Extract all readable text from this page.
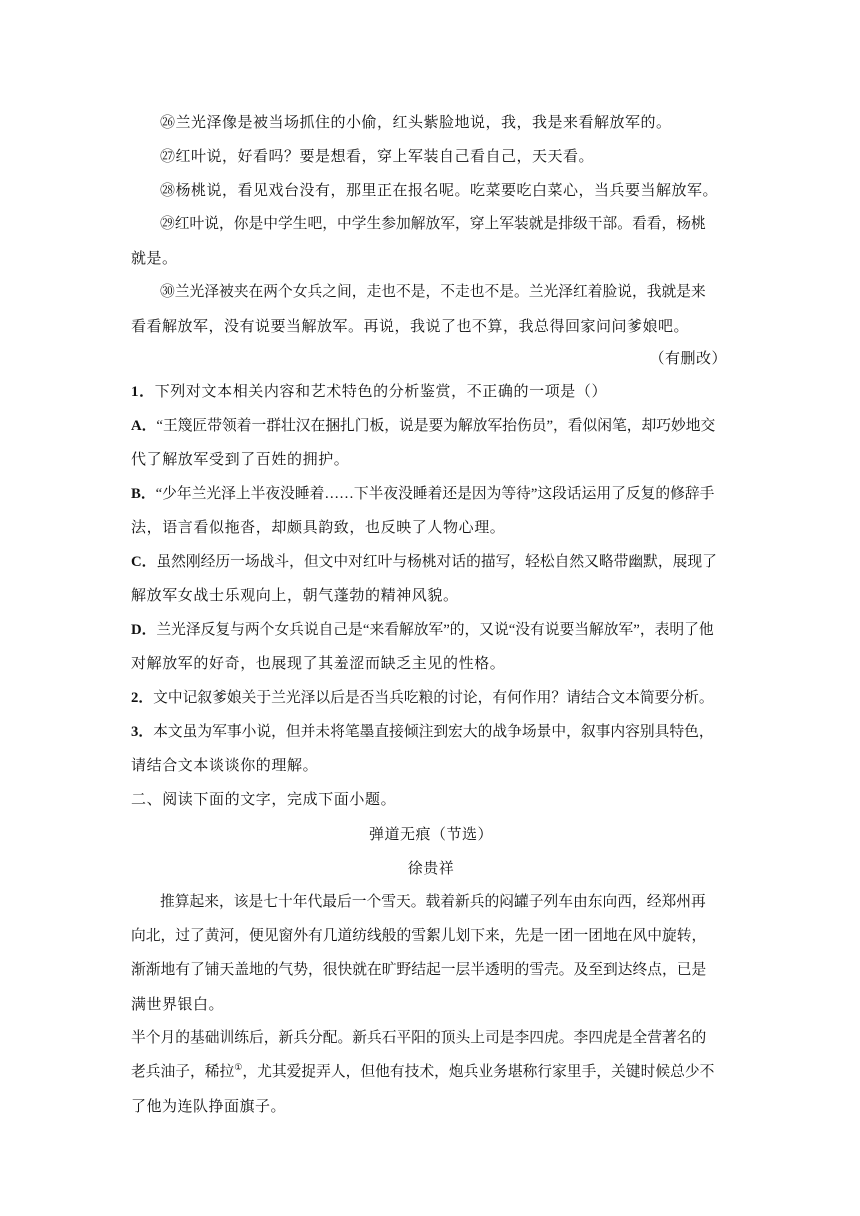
㉖兰光泽像是被当场抓住的小偷，红头紫脸地说，我，我是来看解放军的。
㉗红叶说，好看吗？要是想看，穿上军装自己看自己，天天看。
㉘杨桃说，看见戏台没有，那里正在报名呢。吃菜要吃白菜心，当兵要当解放军。
㉙红叶说，你是中学生吧，中学生参加解放军，穿上军装就是排级干部。看看，杨桃
就是。
㉚兰光泽被夹在两个女兵之间，走也不是，不走也不是。兰光泽红着脸说，我就是来
看看解放军，没有说要当解放军。再说，我说了也不算，我总得回家问问爹娘吧。
（有删改）
1．下列对文本相关内容和艺术特色的分析鉴赏，不正确的一项是（）
A．“王篾匠带领着一群壮汉在捆扎门板，说是要为解放军抬伤员”，看似闲笔，却巧妙地交
代了解放军受到了百姓的拥护。
B．“少年兰光泽上半夜没睡着……下半夜没睡着还是因为等待”这段话运用了反复的修辞手
法，语言看似拖沓，却颇具韵致，也反映了人物心理。
C．虽然刚经历一场战斗，但文中对红叶与杨桃对话的描写，轻松自然又略带幽默，展现了
解放军女战士乐观向上，朝气蓬勃的精神风貌。
D．兰光泽反复与两个女兵说自己是“来看解放军”的，又说“没有说要当解放军”，表明了他
对解放军的好奇，也展现了其羞涩而缺乏主见的性格。
2．文中记叙爹娘关于兰光泽以后是否当兵吃粮的讨论，有何作用？请结合文本简要分析。
3．本文虽为军事小说，但并未将笔墨直接倾注到宏大的战争场景中，叙事内容别具特色，
请结合文本谈谈你的理解。
二、阅读下面的文字，完成下面小题。
弹道无痕（节选）
徐贵祥
推算起来，该是七十年代最后一个雪天。载着新兵的闷罐子列车由东向西，经郑州再
向北，过了黄河，便见窗外有几道纺线般的雪絮儿划下来，先是一团一团地在风中旋转，
渐渐地有了铺天盖地的气势，很快就在旷野结起一层半透明的雪壳。及至到达终点，已是
满世界银白。
半个月的基础训练后，新兵分配。新兵石平阳的顶头上司是李四虎。李四虎是全营著名的
老兵油子，稀拉①，尤其爱捉弄人，但他有技术，炮兵业务堪称行家里手，关键时候总少不
了他为连队挣面旗子。
